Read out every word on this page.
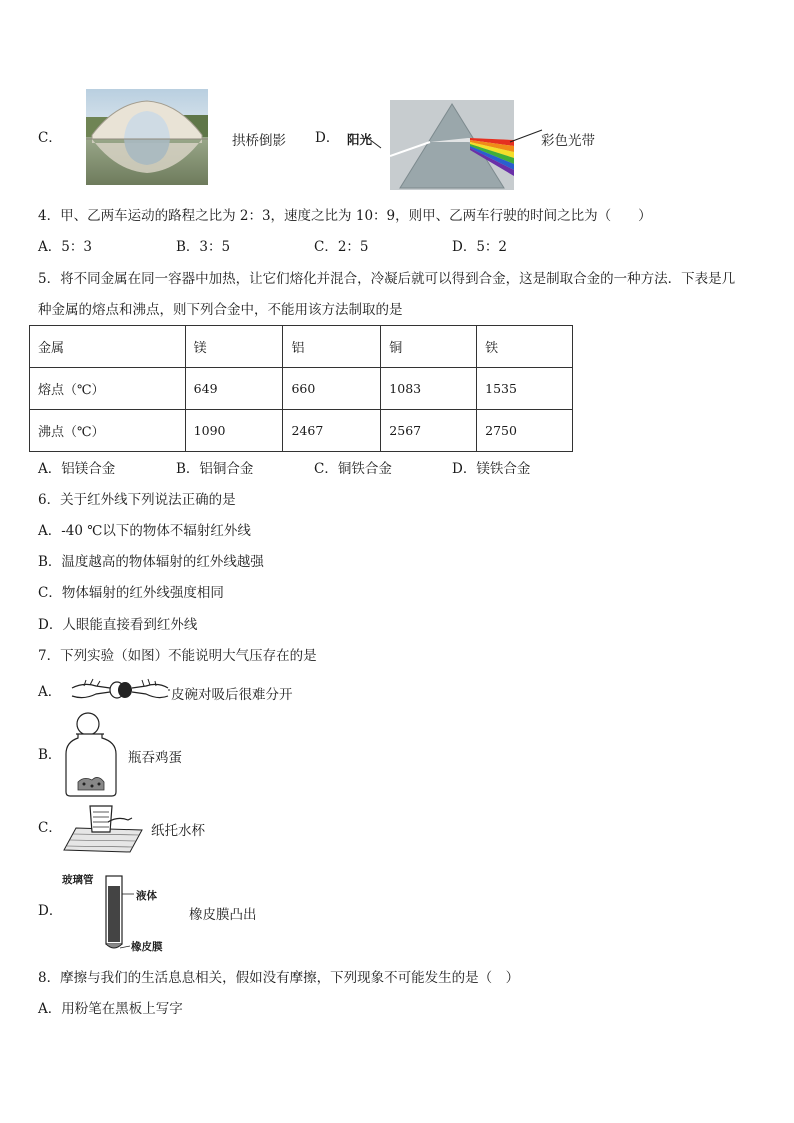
C．	拱桥倒影 D． 阳光	彩色光带
4．甲、乙两车运动的路程之比为 2：3，速度之比为 10：9，则甲、乙两车行驶的时间之比为（　　）
A．5：3	B．3：5	C．2：5	D．5：2
5．将不同金属在同一容器中加热，让它们熔化并混合，冷凝后就可以得到合金，这是制取合金的一种方法．下表是几
种金属的熔点和沸点，则下列合金中，不能用该方法制取的是
金属	镁	铝	铜	铁
熔点（℃）	649	660	1083	1535
沸点（℃）	1090	2467	2567	2750
A．铝镁合金	B．铝铜合金	C．铜铁合金	D．镁铁合金
6．关于红外线下列说法正确的是
A．-40 ℃以下的物体不辐射红外线
B．温度越高的物体辐射的红外线越强
C．物体辐射的红外线强度相同
D．人眼能直接看到红外线
7．下列实验（如图）不能说明大气压存在的是
A．	皮碗对吸后很难分开
B．	瓶吞鸡蛋
C．	纸托水杯
D．
玻璃管
液体
橡皮膜
橡皮膜凸出
8．摩擦与我们的生活息息相关，假如没有摩擦，下列现象不可能发生的是（　）
A．用粉笔在黑板上写字
